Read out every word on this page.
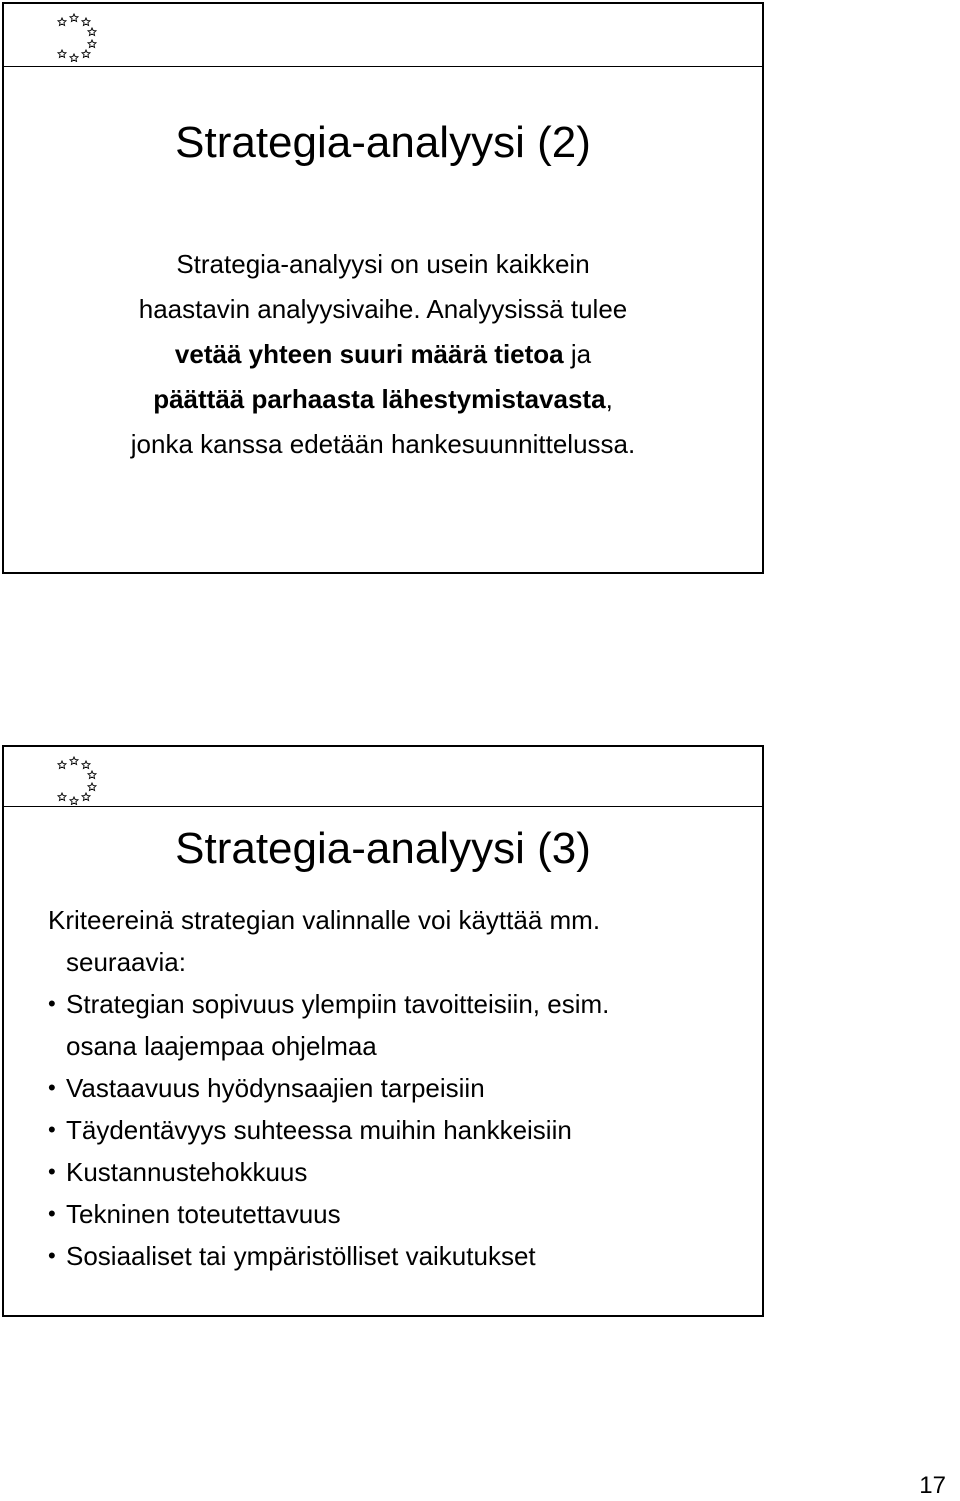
Strategia-analyysi (2)
Strategia-analyysi on usein kaikkein
haastavin analyysivaihe. Analyysissä tulee
vetää yhteen suuri määrä tietoa ja
päättää parhaasta lähestymistavasta,
jonka kanssa edetään hankesuunnittelussa.
Strategia-analyysi (3)
Kriteereinä strategian valinnalle voi käyttää mm.
seuraavia:
• Strategian sopivuus ylempiin tavoitteisiin, esim.
osana laajempaa ohjelmaa
• Vastaavuus hyödynsaajien tarpeisiin
• Täydentävyys suhteessa muihin hankkeisiin
• Kustannustehokkuus
• Tekninen toteutettavuus
• Sosiaaliset tai ympäristölliset vaikutukset
17
